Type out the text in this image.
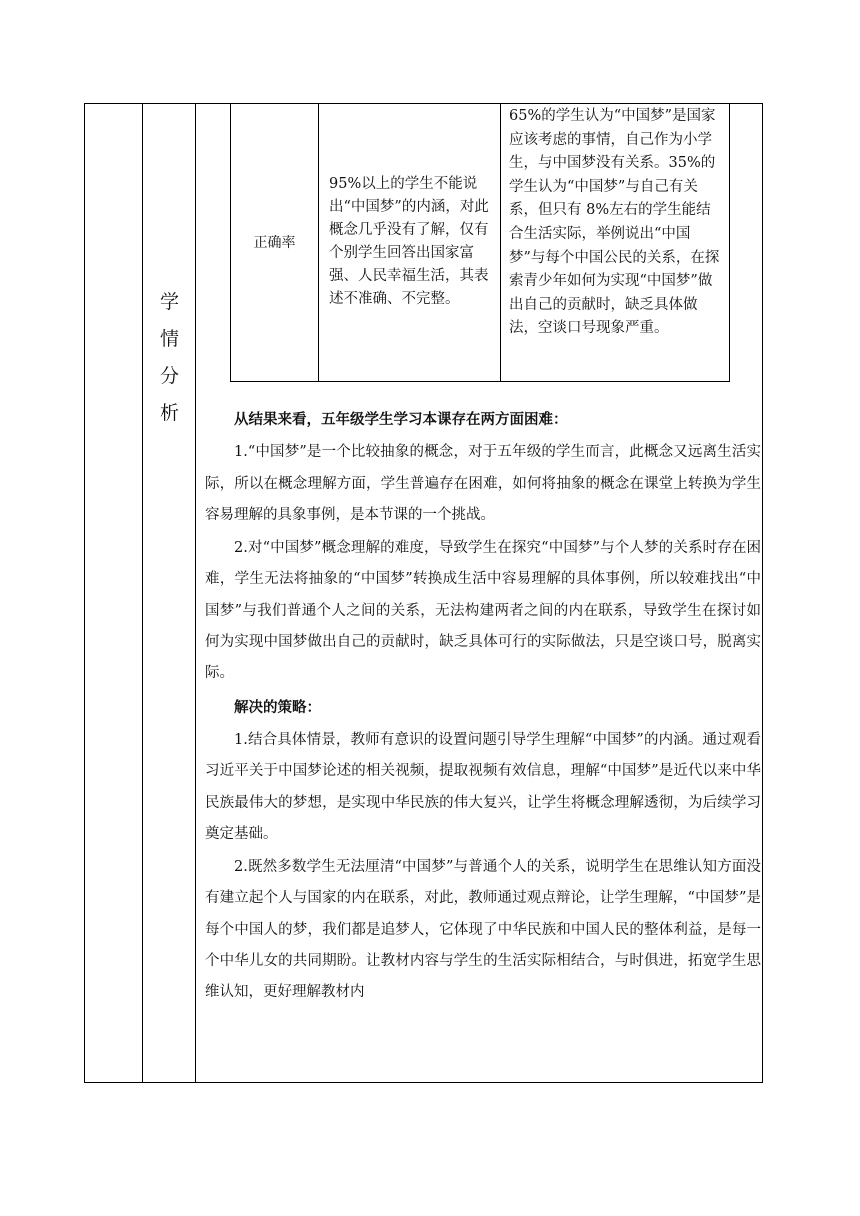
学
情
分
析
正确率
95%以上的学生不能说出“中国梦”的内涵，对此概念几乎没有了解，仅有个别学生回答出国家富强、人民幸福生活，其表述不准确、不完整。
65%的学生认为“中国梦”是国家应该考虑的事情，自己作为小学生，与中国梦没有关系。35%的学生认为“中国梦”与自己有关系，但只有 8%左右的学生能结合生活实际，举例说出“中国梦”与每个中国公民的关系，在探索青少年如何为实现“中国梦”做出自己的贡献时，缺乏具体做法，空谈口号现象严重。

从结果来看，五年级学生学习本课存在两方面困难：

1.“中国梦”是一个比较抽象的概念，对于五年级的学生而言，此概念又远离生活实际，所以在概念理解方面，学生普遍存在困难，如何将抽象的概念在课堂上转换为学生容易理解的具象事例，是本节课的一个挑战。

2.对“中国梦”概念理解的难度，导致学生在探究“中国梦”与个人梦的关系时存在困难，学生无法将抽象的“中国梦”转换成生活中容易理解的具体事例，所以较难找出“中国梦”与我们普通个人之间的关系，无法构建两者之间的内在联系，导致学生在探讨如何为实现中国梦做出自己的贡献时，缺乏具体可行的实际做法，只是空谈口号，脱离实际。

解决的策略：

1.结合具体情景，教师有意识的设置问题引导学生理解“中国梦”的内涵。通过观看习近平关于中国梦论述的相关视频，提取视频有效信息，理解“中国梦”是近代以来中华民族最伟大的梦想，是实现中华民族的伟大复兴，让学生将概念理解透彻，为后续学习奠定基础。

2.既然多数学生无法厘清“中国梦”与普通个人的关系，说明学生在思维认知方面没有建立起个人与国家的内在联系，对此，教师通过观点辩论，让学生理解，“中国梦”是每个中国人的梦，我们都是追梦人，它体现了中华民族和中国人民的整体利益，是每一个中华儿女的共同期盼。让教材内容与学生的生活实际相结合，与时俱进，拓宽学生思维认知，更好理解教材内
